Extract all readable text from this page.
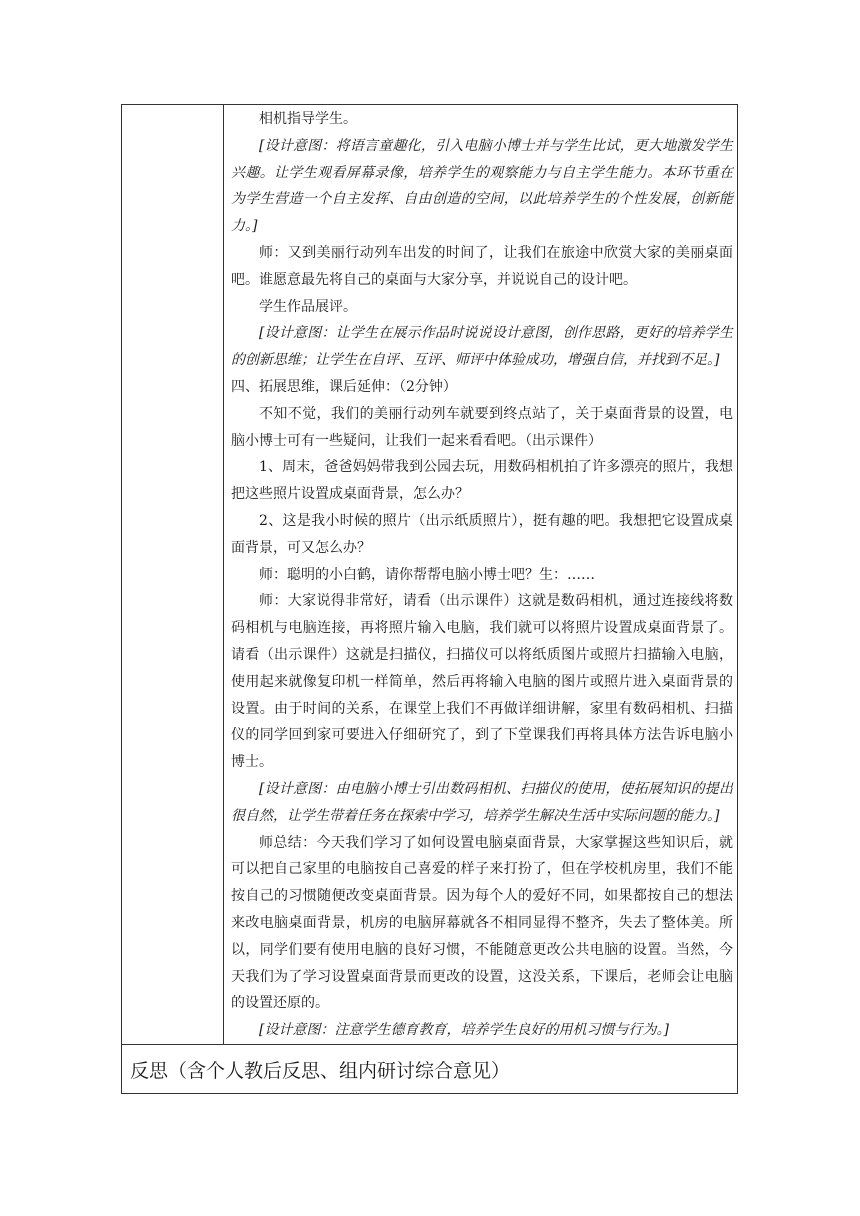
相机指导学生。

[设计意图：将语言童趣化，引入电脑小博士并与学生比试，更大地激发学生兴趣。让学生观看屏幕录像，培养学生的观察能力与自主学生能力。本环节重在为学生营造一个自主发挥、自由创造的空间，以此培养学生的个性发展，创新能力。]

师：又到美丽行动列车出发的时间了，让我们在旅途中欣赏大家的美丽桌面吧。谁愿意最先将自己的桌面与大家分享，并说说自己的设计吧。

学生作品展评。

[设计意图：让学生在展示作品时说说设计意图，创作思路，更好的培养学生的创新思维；让学生在自评、互评、师评中体验成功，增强自信，并找到不足。]

四、拓展思维，课后延伸：（2分钟）

不知不觉，我们的美丽行动列车就要到终点站了，关于桌面背景的设置，电脑小博士可有一些疑问，让我们一起来看看吧。（出示课件）

1、周末，爸爸妈妈带我到公园去玩，用数码相机拍了许多漂亮的照片，我想把这些照片设置成桌面背景，怎么办？

2、这是我小时候的照片（出示纸质照片），挺有趣的吧。我想把它设置成桌面背景，可又怎么办？

师：聪明的小白鹤，请你帮帮电脑小博士吧？生：……

师：大家说得非常好，请看（出示课件）这就是数码相机，通过连接线将数码相机与电脑连接，再将照片输入电脑，我们就可以将照片设置成桌面背景了。请看（出示课件）这就是扫描仪，扫描仪可以将纸质图片或照片扫描输入电脑，使用起来就像复印机一样简单，然后再将输入电脑的图片或照片进入桌面背景的设置。由于时间的关系，在课堂上我们不再做详细讲解，家里有数码相机、扫描仪的同学回到家可要进入仔细研究了，到了下堂课我们再将具体方法告诉电脑小博士。

[设计意图：由电脑小博士引出数码相机、扫描仪的使用，使拓展知识的提出很自然，让学生带着任务在探索中学习，培养学生解决生活中实际问题的能力。]

师总结：今天我们学习了如何设置电脑桌面背景，大家掌握这些知识后，就可以把自己家里的电脑按自己喜爱的样子来打扮了，但在学校机房里，我们不能按自己的习惯随便改变桌面背景。因为每个人的爱好不同，如果都按自己的想法来改电脑桌面背景，机房的电脑屏幕就各不相同显得不整齐，失去了整体美。所以，同学们要有使用电脑的良好习惯，不能随意更改公共电脑的设置。当然，今天我们为了学习设置桌面背景而更改的设置，这没关系，下课后，老师会让电脑的设置还原的。

[设计意图：注意学生德育教育，培养学生良好的用机习惯与行为。]

反思（含个人教后反思、组内研讨综合意见）
